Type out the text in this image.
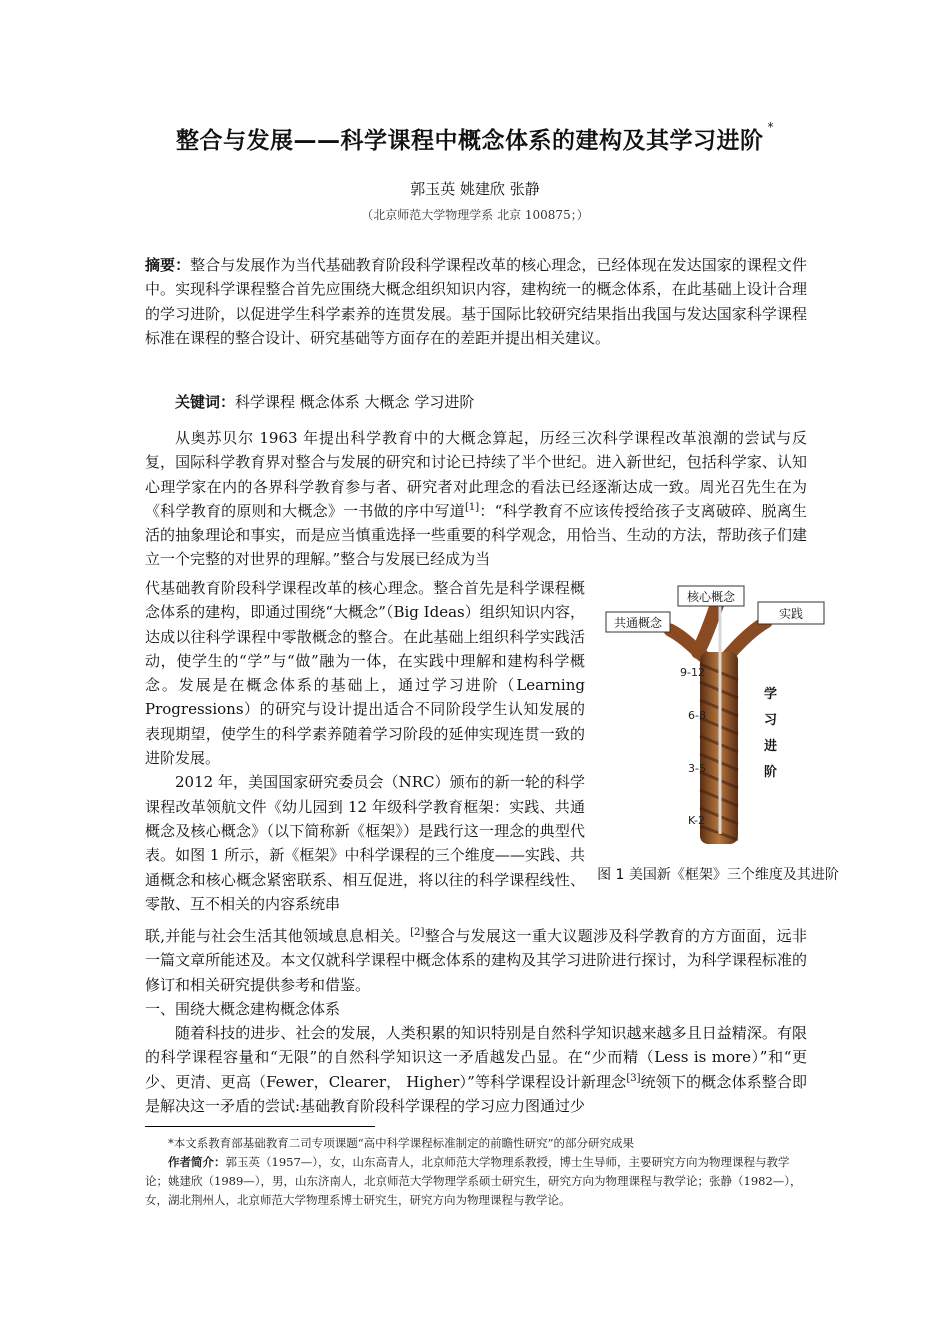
整合与发展——科学课程中概念体系的建构及其学习进阶*
郭玉英 姚建欣 张静
（北京师范大学物理学系 北京 100875；）

摘要：整合与发展作为当代基础教育阶段科学课程改革的核心理念，已经体现在发达国家的课程文件中。实现科学课程整合首先应围绕大概念组织知识内容，建构统一的概念体系，在此基础上设计合理的学习进阶，以促进学生科学素养的连贯发展。基于国际比较研究结果指出我国与发达国家科学课程标准在课程的整合设计、研究基础等方面存在的差距并提出相关建议。

关键词：科学课程 概念体系 大概念 学习进阶

从奥苏贝尔 1963 年提出科学教育中的大概念算起，历经三次科学课程改革浪潮的尝试与反复，国际科学教育界对整合与发展的研究和讨论已持续了半个世纪。进入新世纪，包括科学家、认知心理学家在内的各界科学教育参与者、研究者对此理念的看法已经逐渐达成一致。周光召先生在为《科学教育的原则和大概念》一书做的序中写道[1]：“科学教育不应该传授给孩子支离破碎、脱离生活的抽象理论和事实，而是应当慎重选择一些重要的科学观念，用恰当、生动的方法，帮助孩子们建立一个完整的对世界的理解。”整合与发展已经成为当

代基础教育阶段科学课程改革的核心理念。整合首先是科学课程概念体系的建构，即通过围绕“大概念”（Big Ideas）组织知识内容，达成以往科学课程中零散概念的整合。在此基础上组织科学实践活动，使学生的“学”与“做”融为一体，在实践中理解和建构科学概念。发展是在概念体系的基础上，通过学习进阶（Learning Progressions）的研究与设计提出适合不同阶段学生认知发展的表现期望，使学生的科学素养随着学习阶段的延伸实现连贯一致的进阶发展。

2012 年，美国国家研究委员会（NRC）颁布的新一轮的科学课程改革领航文件《幼儿园到 12 年级科学教育框架：实践、共通概念及核心概念》（以下简称新《框架》）是践行这一理念的典型代表。如图 1 所示，新《框架》中科学课程的三个维度——实践、共通概念和核心概念紧密联系、相互促进，将以往的科学课程线性、零散、互不相关的内容系统串

核心概念
共通概念
实践
9-12
6-8
3-5
K-2
学
习
进
阶
图 1 美国新《框架》三个维度及其进阶

联,并能与社会生活其他领域息息相关。[2]整合与发展这一重大议题涉及科学教育的方方面面，远非一篇文章所能述及。本文仅就科学课程中概念体系的建构及其学习进阶进行探讨，为科学课程标准的修订和相关研究提供参考和借鉴。

一、围绕大概念建构概念体系

随着科技的进步、社会的发展，人类积累的知识特别是自然科学知识越来越多且日益精深。有限的科学课程容量和“无限”的自然科学知识这一矛盾越发凸显。在“少而精（Less is more）”和“更少、更清、更高（Fewer，Clearer， Higher）”等科学课程设计新理念[3]统领下的概念体系整合即是解决这一矛盾的尝试:基础教育阶段科学课程的学习应力图通过少

*本文系教育部基础教育二司专项课题“高中科学课程标准制定的前瞻性研究”的部分研究成果

作者简介：郭玉英（1957—），女，山东高青人，北京师范大学物理系教授，博士生导师，主要研究方向为物理课程与教学论；姚建欣（1989—），男，山东济南人，北京师范大学物理学系硕士研究生，研究方向为物理课程与教学论；张静（1982—），女，湖北荆州人，北京师范大学物理系博士研究生，研究方向为物理课程与教学论。
